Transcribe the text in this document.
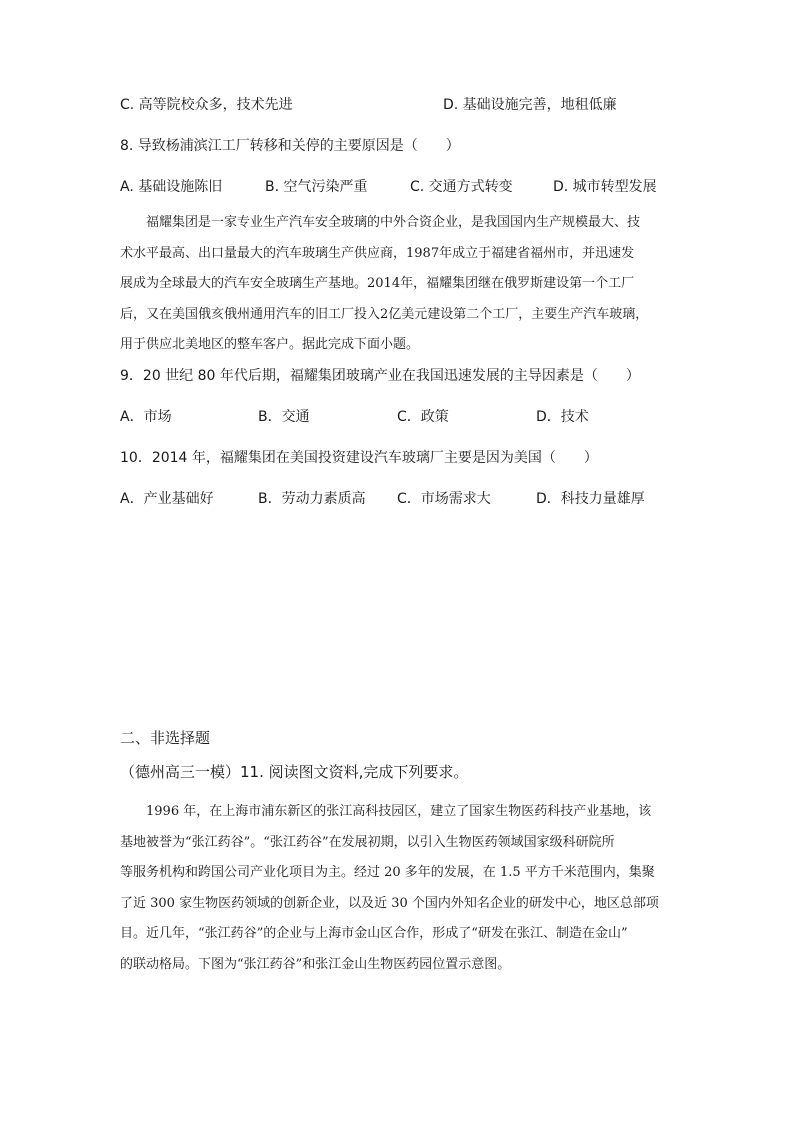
C. 高等院校众多，技术先进	D. 基础设施完善，地租低廉
8. 导致杨浦滨江工厂转移和关停的主要原因是（　　）
A. 基础设施陈旧	B. 空气污染严重	C. 交通方式转变	D. 城市转型发展
福耀集团是一家专业生产汽车安全玻璃的中外合资企业，是我国国内生产规模最大、技
术水平最高、出口量最大的汽车玻璃生产供应商，1987年成立于福建省福州市，并迅速发
展成为全球最大的汽车安全玻璃生产基地。2014年，福耀集团继在俄罗斯建设第一个工厂
后，又在美国俄亥俄州通用汽车的旧工厂投入2亿美元建设第二个工厂，主要生产汽车玻璃，
用于供应北美地区的整车客户。据此完成下面小题。
9．20 世纪 80 年代后期，福耀集团玻璃产业在我国迅速发展的主导因素是（　　）
A．市场	B．交通	C．政策	D．技术
10．2014 年，福耀集团在美国投资建设汽车玻璃厂主要是因为美国（　　）
A．产业基础好	B．劳动力素质高 C．市场需求大	D．科技力量雄厚
二、非选择题
（德州高三一模）11. 阅读图文资料,完成下列要求。
1996 年，在上海市浦东新区的张江高科技园区，建立了国家生物医药科技产业基地，该
基地被誉为“张江药谷”。“张江药谷”在发展初期，以引入生物医药领域国家级科研院所
等服务机构和跨国公司产业化项目为主。经过 20 多年的发展，在 1.5 平方千米范围内，集聚
了近 300 家生物医药领域的创新企业，以及近 30 个国内外知名企业的研发中心，地区总部项
目。近几年，“张江药谷”的企业与上海市金山区合作，形成了“研发在张江、制造在金山”
的联动格局。下图为“张江药谷”和张江金山生物医药园位置示意图。
